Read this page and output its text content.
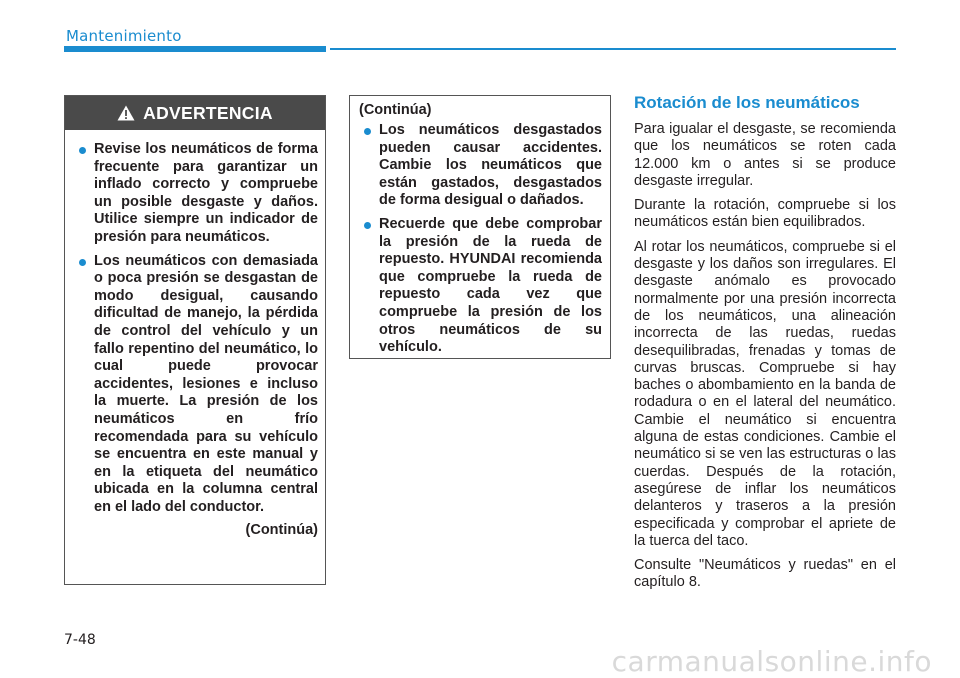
Mantenimiento
ADVERTENCIA
Revise los neumáticos de forma frecuente para garantizar un inflado correcto y compruebe un posible desgaste y daños. Utilice siempre un indicador de presión para neumáticos.
Los neumáticos con demasiada o poca presión se desgastan de modo desigual, causando dificultad de manejo, la pérdida de control del vehículo y un fallo repentino del neumático, lo cual puede provocar accidentes, lesiones e incluso la muerte. La presión de los neumáticos en frío recomendada para su vehículo se encuentra en este manual y en la etiqueta del neumático ubicada en la columna central en el lado del conductor.
(Continúa)
(Continúa)
Los neumáticos desgastados pueden causar accidentes. Cambie los neumáticos que están gastados, desgastados de forma desigual o dañados.
Recuerde que debe comprobar la presión de la rueda de repuesto. HYUNDAI recomienda que compruebe la rueda de repuesto cada vez que compruebe la presión de los otros neumáticos de su vehículo.
Rotación de los neumáticos

Para igualar el desgaste, se recomienda que los neumáticos se roten cada 12.000 km o antes si se produce desgaste irregular.

Durante la rotación, compruebe si los neumáticos están bien equilibrados.

Al rotar los neumáticos, compruebe si el desgaste y los daños son irregulares. El desgaste anómalo es provocado normalmente por una presión incorrecta de los neumáticos, una alineación incorrecta de las ruedas, ruedas desequilibradas, frenadas y tomas de curvas bruscas. Compruebe si hay baches o abombamiento en la banda de rodadura o en el lateral del neumático. Cambie el neumático si encuentra alguna de estas condiciones. Cambie el neumático si se ven las estructuras o las cuerdas. Después de la rotación, asegúrese de inflar los neumáticos delanteros y traseros a la presión especificada y comprobar el apriete de la tuerca del taco.

Consulte "Neumáticos y ruedas" en el capítulo 8.

7-48
carmanualsonline.info
